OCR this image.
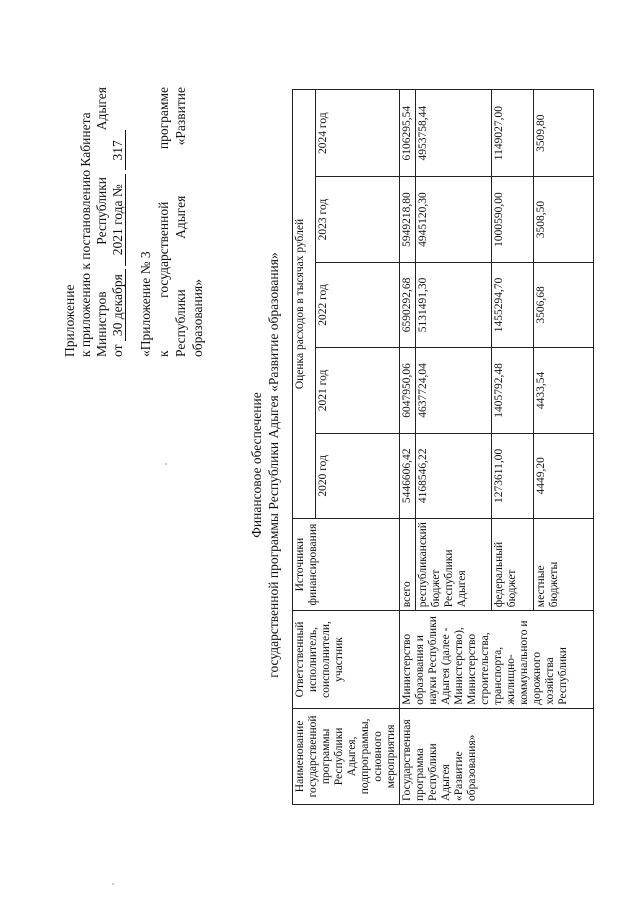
Приложение к приложению к постановлению Кабинета Министров
Республики
Адыгея
от 30 декабря 2021 года № 317
«Приложение № 3 к
государственной
программе
Республики
Адыгея
«Развитие
образования»
Финансовое обеспечение государственной программы Республики Адыгея «Развитие образования»
Наименование государственной программы Республики Адыгея, подпрограммы, основного мероприятия	Ответственный исполнитель, соисполнители, участник	Источники финансирования	Оценка расходов в тысячах рублей				
			2020 год	2021 год	2022 год	2023 год	2024 год
Государственная программа Республики Адыгея «Развитие образования»	Министерство образования и науки Республики Адыгея (далее - Министерство), Министерство строительства, транспорта, жилищно-коммунального и дорожного хозяйства Республики	всего	5446606,42	6047950,06	6590292,68	5949218,80	6106295,54
		республиканский бюджет Республики Адыгея	4168546,22	4637724,04	5131491,30	4945120,30	4953758,44
		федеральный бюджет	1273611,00	1405792,48	1455294,70	1000590,00	1149027,00
		местные бюджеты	4449,20	4433,54	3506,68	3508,50	3509,80
